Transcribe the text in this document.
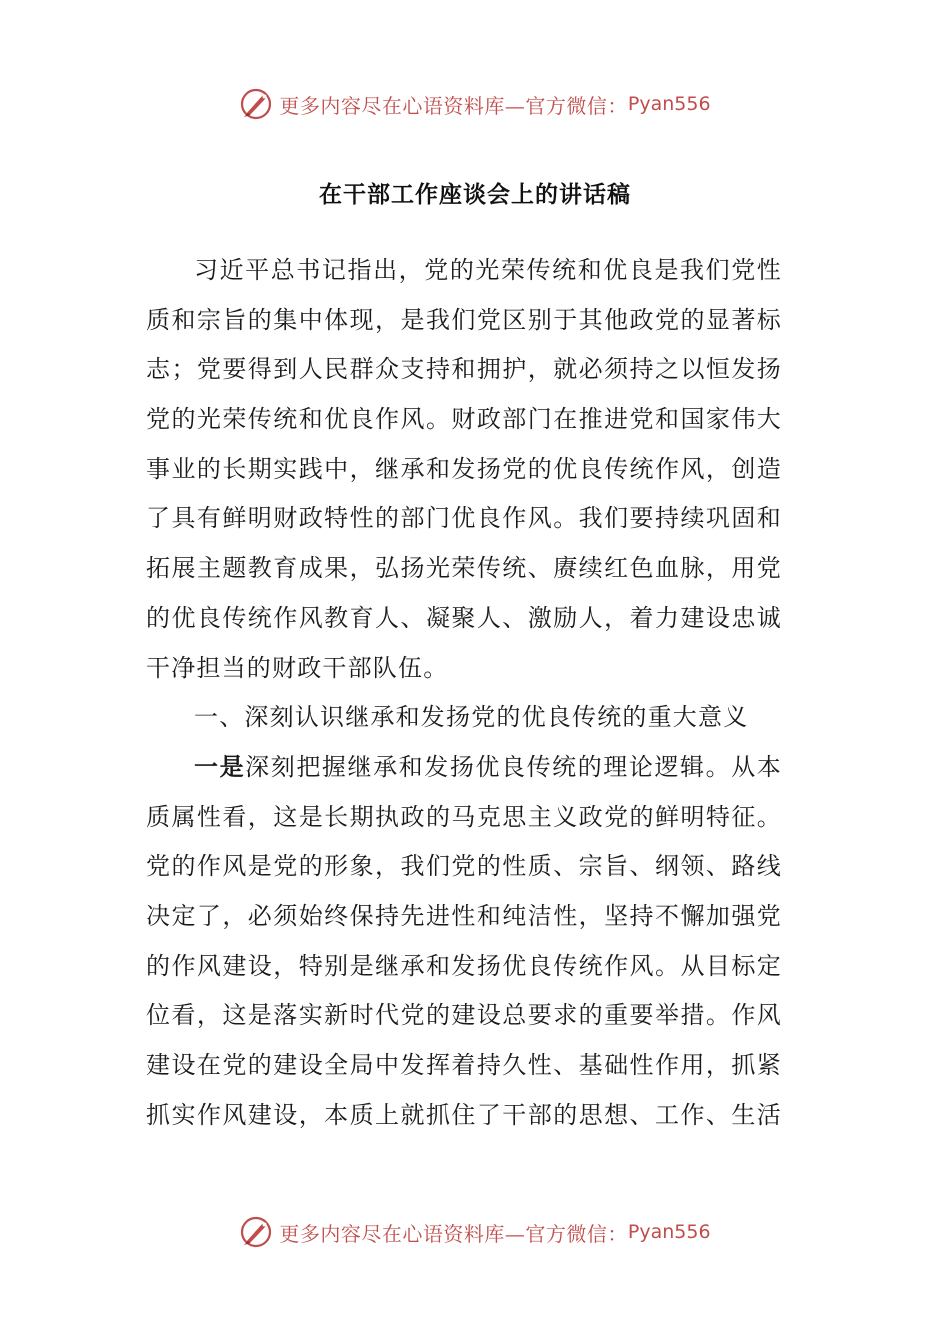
更多内容尽在心语资料库—官方微信： Pyan556
在干部工作座谈会上的讲话稿
习近平总书记指出，党的光荣传统和优良是我们党性
质和宗旨的集中体现，是我们党区别于其他政党的显著标
志；党要得到人民群众支持和拥护，就必须持之以恒发扬
党的光荣传统和优良作风。财政部门在推进党和国家伟大
事业的长期实践中，继承和发扬党的优良传统作风，创造
了具有鲜明财政特性的部门优良作风。我们要持续巩固和
拓展主题教育成果，弘扬光荣传统、赓续红色血脉，用党
的优良传统作风教育人、凝聚人、激励人，着力建设忠诚
干净担当的财政干部队伍。
一、深刻认识继承和发扬党的优良传统的重大意义
一是深刻把握继承和发扬优良传统的理论逻辑。从本
质属性看，这是长期执政的马克思主义政党的鲜明特征。
党的作风是党的形象，我们党的性质、宗旨、纲领、路线
决定了，必须始终保持先进性和纯洁性，坚持不懈加强党
的作风建设，特别是继承和发扬优良传统作风。从目标定
位看，这是落实新时代党的建设总要求的重要举措。作风
建设在党的建设全局中发挥着持久性、基础性作用，抓紧
抓实作风建设，本质上就抓住了干部的思想、工作、生活
更多内容尽在心语资料库—官方微信： Pyan556
